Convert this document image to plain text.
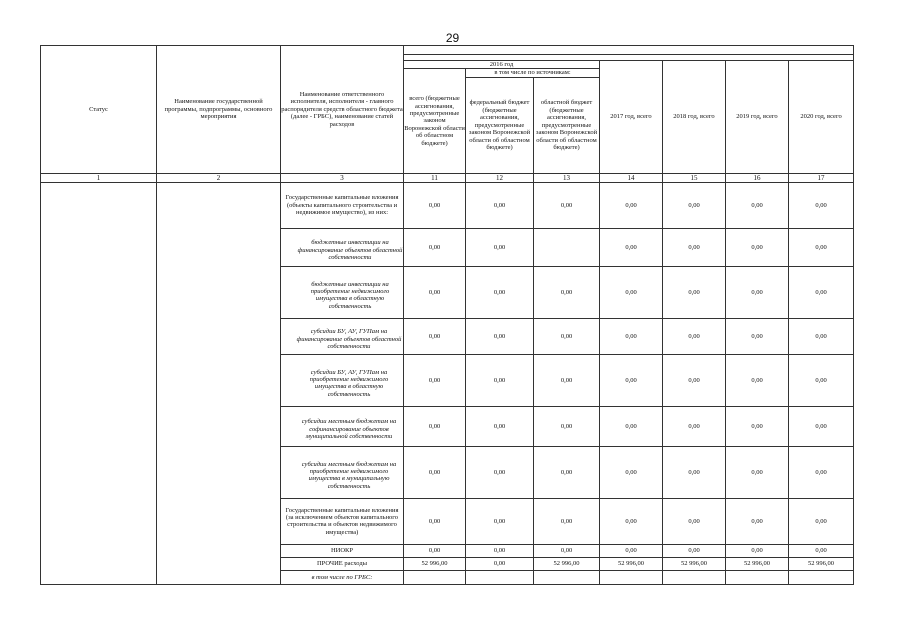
29
Статус	Наименование государственной программы, подпрограммы, основного мероприятия	Наименование ответственного исполнителя, исполнителя - главного распорядителя средств областного бюджета (далее - ГРБС), наименование статей расходов							

			2016 год			2017 год, всего	2018 год, всего	2019 год, всего	2020 год, всего
			всего (бюджетные ассигнования, предусмотренные законом Воронежской области об областном бюджете)	в том числе по источникам:					
				федеральный бюджет (бюджетные ассигнования, предусмотренные законом Воронежской области об областном бюджете)	областной бюджет (бюджетные ассигнования, предусмотренные законом Воронежской области об областном бюджете)				
1	2	3	11	12	13	14	15	16	17
		Государственные капитальные вложения (объекты капитального строительства и недвижимое имущество), из них:	0,00	0,00	0,00	0,00	0,00	0,00	0,00
		бюджетные инвестиции на финансирование объектов областной собственности	0,00	0,00		0,00	0,00	0,00	0,00
		бюджетные инвестиции на приобретение недвижимого имущества в областную собственность	0,00	0,00	0,00	0,00	0,00	0,00	0,00
		субсидии БУ, АУ, ГУПам на финансирование объектов областной собственности	0,00	0,00	0,00	0,00	0,00	0,00	0,00
		субсидии БУ, АУ, ГУПам на приобретение недвижимого имущества в областную собственность	0,00	0,00	0,00	0,00	0,00	0,00	0,00
		субсидии местным бюджетам на софинансирование объектов муниципальной собственности	0,00	0,00	0,00	0,00	0,00	0,00	0,00
		субсидии местным бюджетам на приобретение недвижимого имущества в муниципальную собственность	0,00	0,00	0,00	0,00	0,00	0,00	0,00
		Государственные капитальные вложения (за исключением объектов капитального строительства и объектов недвижимого имущества)	0,00	0,00	0,00	0,00	0,00	0,00	0,00
		НИОКР	0,00	0,00	0,00	0,00	0,00	0,00	0,00
		ПРОЧИЕ расходы	52 996,00	0,00	52 996,00	52 996,00	52 996,00	52 996,00	52 996,00
		в том числе по ГРБС:							
